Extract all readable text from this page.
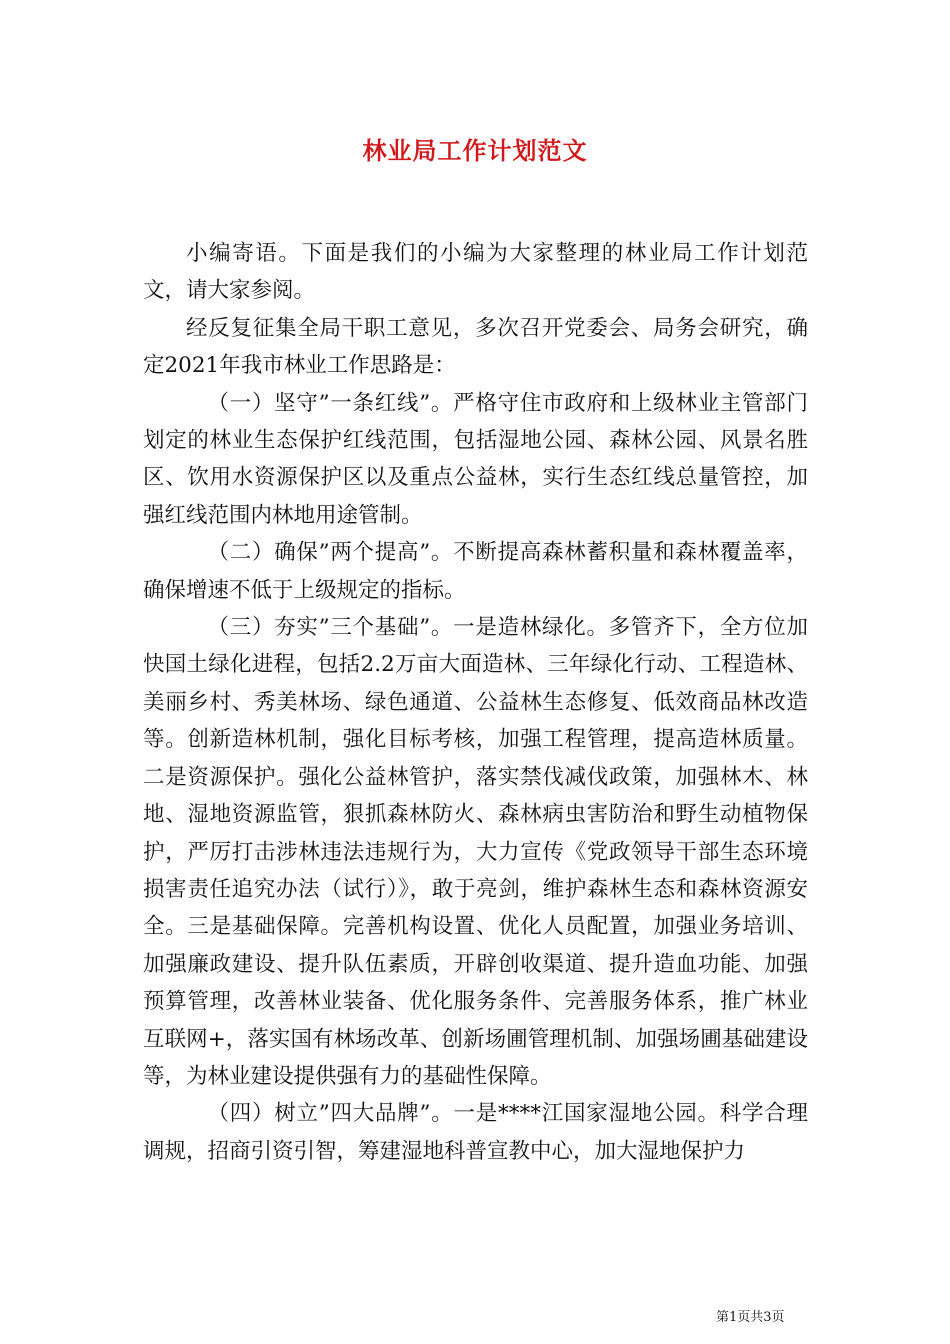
林业局工作计划范文

小编寄语。下面是我们的小编为大家整理的林业局工作计划范文，请大家参阅。

经反复征集全局干职工意见，多次召开党委会、局务会研究，确定2021年我市林业工作思路是：

（一）坚守”一条红线”。严格守住市政府和上级林业主管部门划定的林业生态保护红线范围，包括湿地公园、森林公园、风景名胜区、饮用水资源保护区以及重点公益林，实行生态红线总量管控，加强红线范围内林地用途管制。

（二）确保”两个提高”。不断提高森林蓄积量和森林覆盖率，确保增速不低于上级规定的指标。

（三）夯实”三个基础”。一是造林绿化。多管齐下，全方位加快国土绿化进程，包括2.2万亩大面造林、三年绿化行动、工程造林、美丽乡村、秀美林场、绿色通道、公益林生态修复、低效商品林改造等。创新造林机制，强化目标考核，加强工程管理，提高造林质量。二是资源保护。强化公益林管护，落实禁伐减伐政策，加强林木、林地、湿地资源监管，狠抓森林防火、森林病虫害防治和野生动植物保护，严厉打击涉林违法违规行为，大力宣传《党政领导干部生态环境损害责任追究办法（试行）》，敢于亮剑，维护森林生态和森林资源安全。三是基础保障。完善机构设置、优化人员配置，加强业务培训、加强廉政建设、提升队伍素质，开辟创收渠道、提升造血功能、加强预算管理，改善林业装备、优化服务条件、完善服务体系，推广林业互联网+，落实国有林场改革、创新场圃管理机制、加强场圃基础建设等，为林业建设提供强有力的基础性保障。

（四）树立”四大品牌”。一是****江国家湿地公园。科学合理调规，招商引资引智，筹建湿地科普宣教中心，加大湿地保护力

第1页共3页
